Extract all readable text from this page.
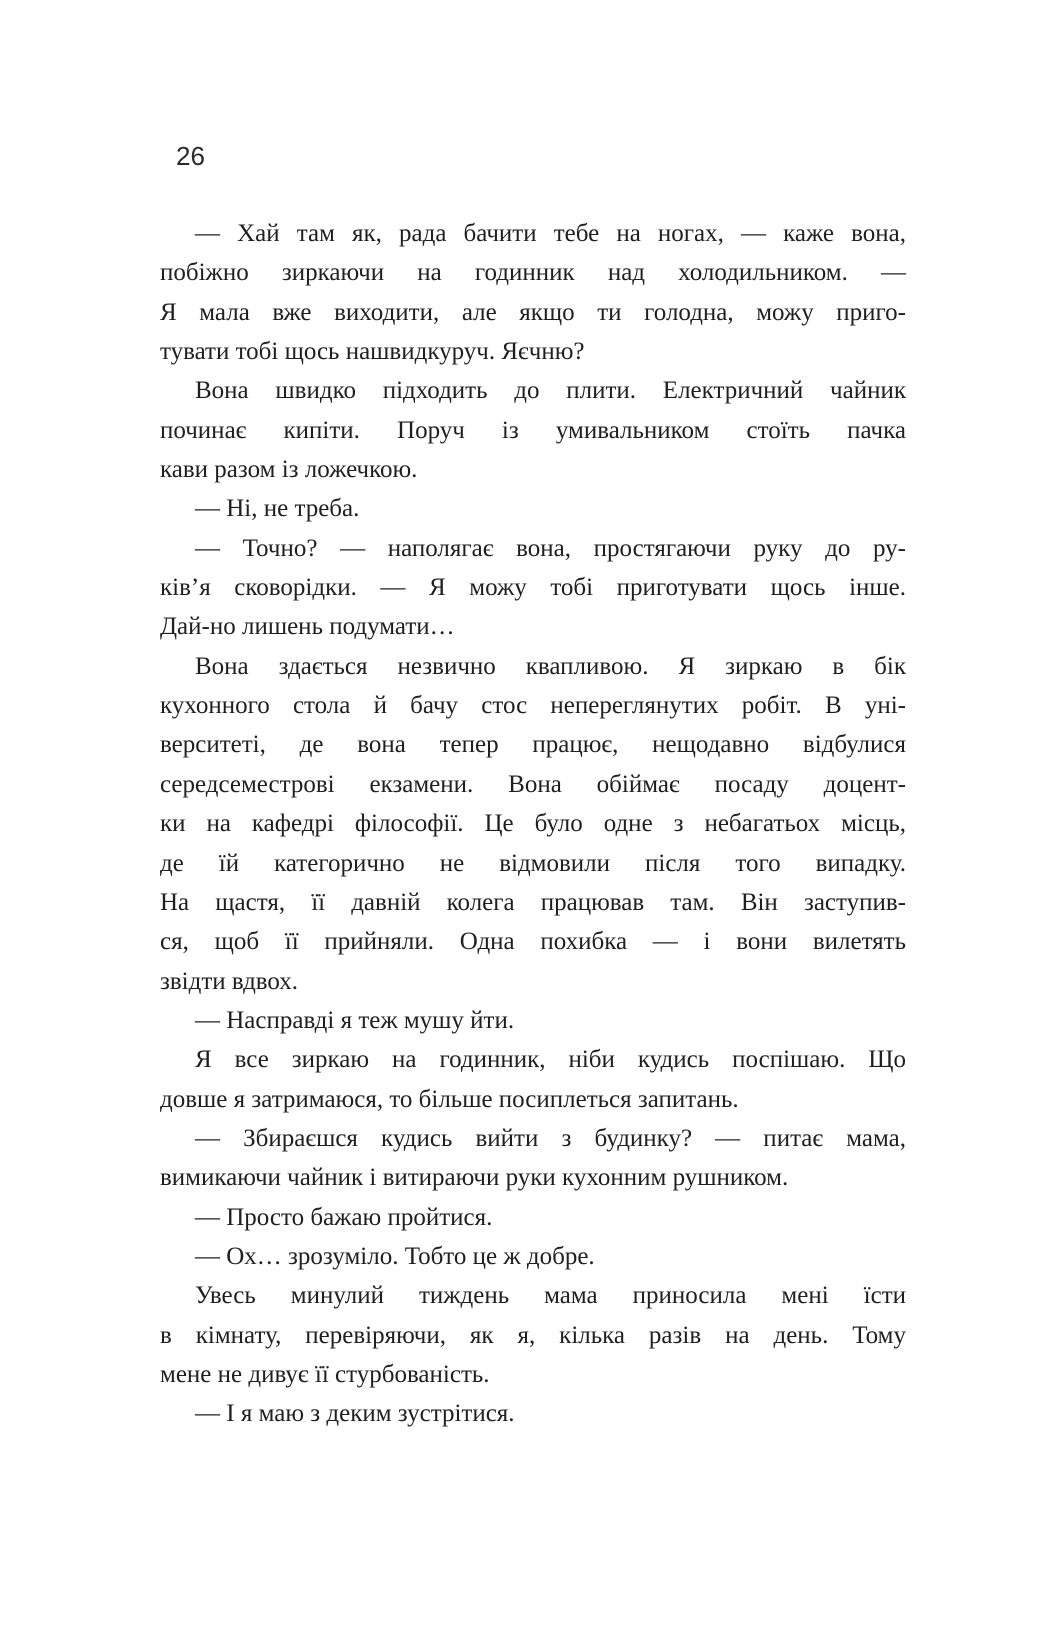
26
— Хай там як, рада бачити тебе на ногах, — каже вона,
побіжно зиркаючи на годинник над холодильником. —
Я мала вже виходити, але якщо ти голодна, можу приго-
тувати тобі щось нашвидкуруч. Яєчню?
Вона швидко підходить до плити. Електричний чайник
починає кипіти. Поруч із умивальником стоїть пачка
кави разом із ложечкою.
— Ні, не треба.
— Точно? — наполягає вона, простягаючи руку до ру-
ків’я сковорідки. — Я можу тобі приготувати щось інше.
Дай-но лишень подумати…
Вона здається незвично квапливою. Я зиркаю в бік
кухонного стола й бачу стос непереглянутих робіт. В уні-
верситеті, де вона тепер працює, нещодавно відбулися
середсеместрові екзамени. Вона обіймає посаду доцент-
ки на кафедрі філософії. Це було одне з небагатьох місць,
де їй категорично не відмовили після того випадку.
На щастя, її давній колега працював там. Він заступив-
ся, щоб її прийняли. Одна похибка — і вони вилетять
звідти вдвох.
— Насправді я теж мушу йти.
Я все зиркаю на годинник, ніби кудись поспішаю. Що
довше я затримаюся, то більше посиплеться запитань.
— Збираєшся кудись вийти з будинку? — питає мама,
вимикаючи чайник і витираючи руки кухонним рушником.
— Просто бажаю пройтися.
— Ох… зрозуміло. Тобто це ж добре.
Увесь минулий тиждень мама приносила мені їсти
в кімнату, перевіряючи, як я, кілька разів на день. Тому
мене не дивує її стурбованість.
— І я маю з деким зустрітися.
